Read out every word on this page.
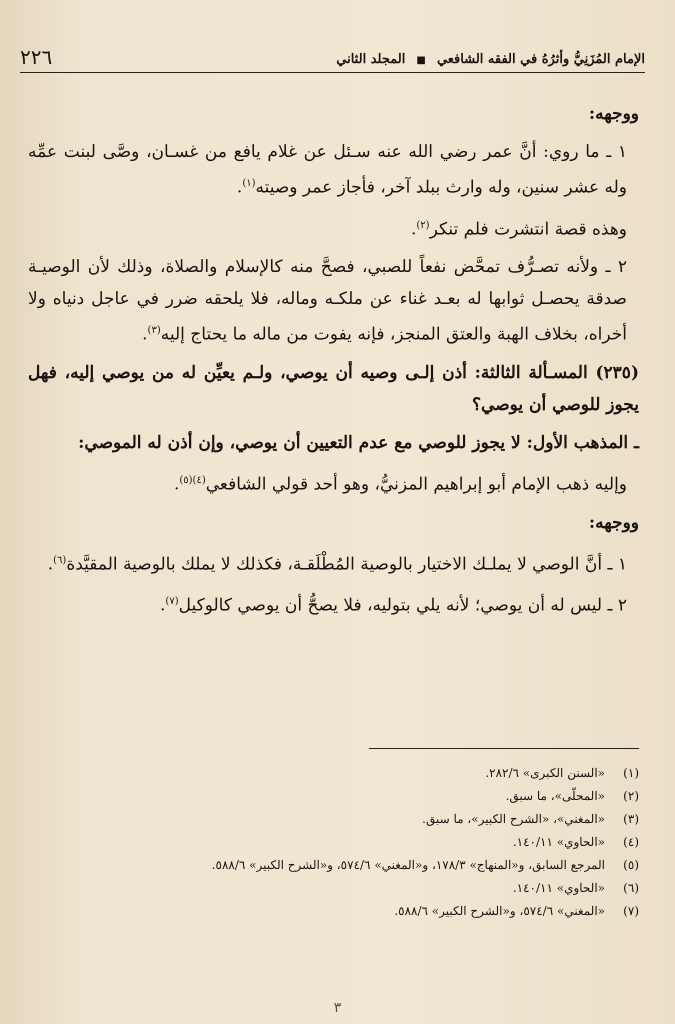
الإمام المُزَنِيُّ وأثرُهُ في الفقه الشافعي ■ المجلد الثاني
٢٢٦

ووجهه:

١ ـ ما روي: أنَّ عمر رضي الله عنه سـئل عن غلام يافع من غسـان، وصَّى لبنت عمِّه وله عشر سنين، وله وارث ببلد آخر، فأجاز عمر وصيته$^{(١)}$.

وهذه قصة انتشرت فلم تنكر$^{(٢)}$.

٢ ـ ولأنه تصـرُّف تمحَّض نفعاً للصبي، فصحَّ منه كالإسلام والصلاة، وذلك لأن الوصيـة صدقة يحصـل ثوابها له بعـد غناء عن ملكـه وماله، فلا يلحقه ضرر في عاجل دنياه ولا أخراه، بخلاف الهبة والعتق المنجز، فإنه يفوت من ماله ما يحتاج إليه$^{(٣)}$.

(٢٣٥) المسـألة الثالثة: أذن إلـى وصيه أن يوصي، ولـم يعيِّن له من يوصي إليه، فهل يجوز للوصي أن يوصي؟

ـ المذهب الأول: لا يجوز للوصي مع عدم التعيين أن يوصي، وإن أذن له الموصي:

وإليه ذهب الإمام أبو إبراهيم المزنيُّ، وهو أحد قولي الشافعي$^{(٤)(٥)}$.

ووجهه:

١ ـ أنَّ الوصي لا يملـك الاختيار بالوصية المُطْلَقـة، فكذلك لا يملك بالوصية المقيَّدة$^{(٦)}$.

٢ ـ ليس له أن يوصي؛ لأنه يلي بتوليه، فلا يصحُّ أن يوصي كالوكيل$^{(٧)}$.

(١)
«السنن الكبرى» ٢٨٢/٦.

(٢)
«المحلّى»، ما سبق.

(٣)
«المغني»، «الشرح الكبير»، ما سبق.

(٤)
«الحاوي» ١٤٠/١١.

(٥)
المرجع السابق، و«المنهاج» ١٧٨/٣، و«المغني» ٥٧٤/٦، و«الشرح الكبير» ٥٨٨/٦.

(٦)
«الحاوي» ١٤٠/١١.

(٧)
«المغني» ٥٧٤/٦، و«الشرح الكبير» ٥٨٨/٦.

٣
